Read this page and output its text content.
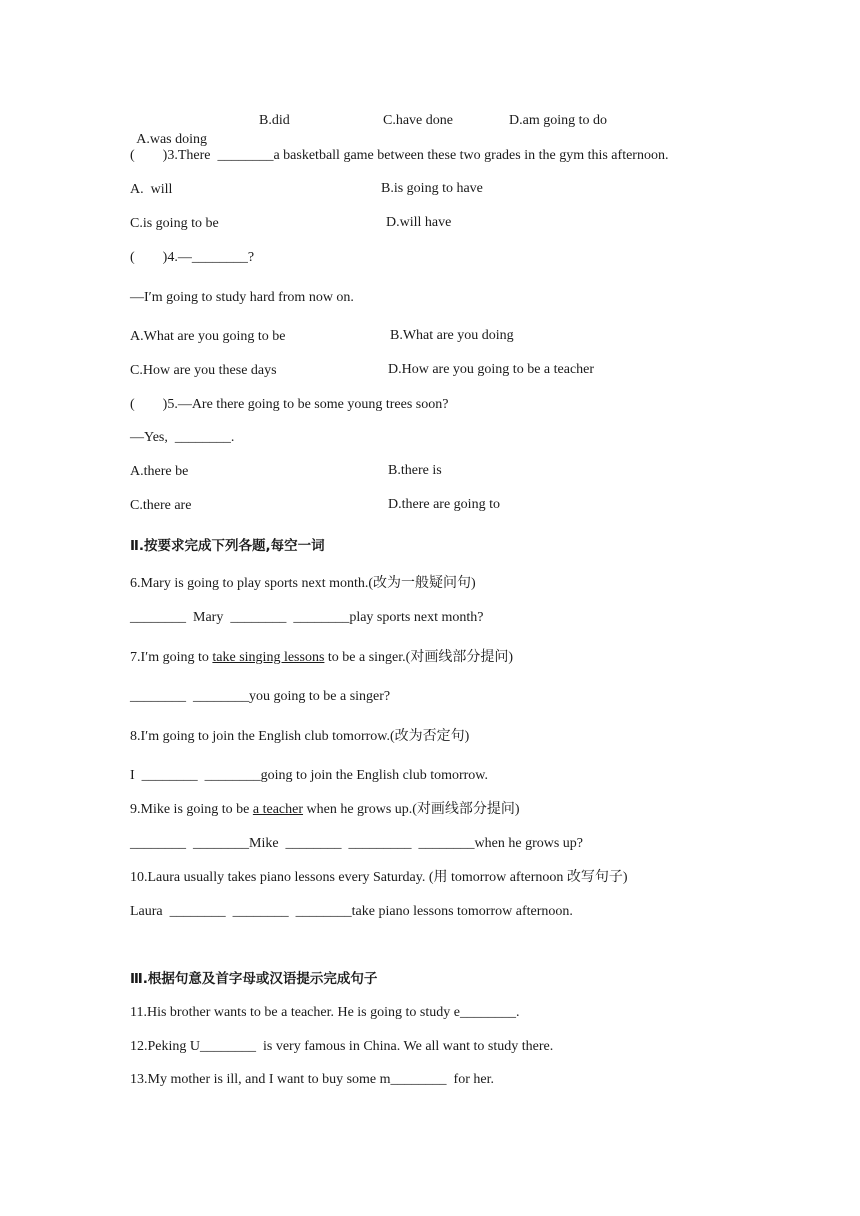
A.was doing

B.did	C.have done	D.am going to do
(        )3.There  ________a basketball game between these two grades in the gym this afternoon.
A.  will	B.is going to have
C.is going to be	D.will have
(        )4.—________?
—I′m going to study hard from now on.
A.What are you going to be	B.What are you doing
C.How are you these days	D.How are you going to be a teacher
(        )5.—Are there going to be some young trees soon?
—Yes,  ________.
A.there be	B.there is
C.there are	D.there are going to
Ⅱ.按要求完成下列各题,每空一词
6.Mary is going to play sports next month.(改为一般疑问句)
________  Mary  ________  ________play sports next month?
7.I′m going to take singing lessons to be a singer.(对画线部分提问)
________  ________you going to be a singer?
8.I′m going to join the English club tomorrow.(改为否定句)
I  ________  ________going to join the English club tomorrow.
9.Mike is going to be a teacher when he grows up.(对画线部分提问)
________  ________Mike  ________  _________  ________when he grows up?
10.Laura usually takes piano lessons every Saturday. (用 tomorrow afternoon 改写句子)
Laura  ________  ________  ________take piano lessons tomorrow afternoon.
Ⅲ.根据句意及首字母或汉语提示完成句子
11.His brother wants to be a teacher. He is going to study e________.
12.Peking U________  is very famous in China. We all want to study there.
13.My mother is ill, and I want to buy some m________  for her.
